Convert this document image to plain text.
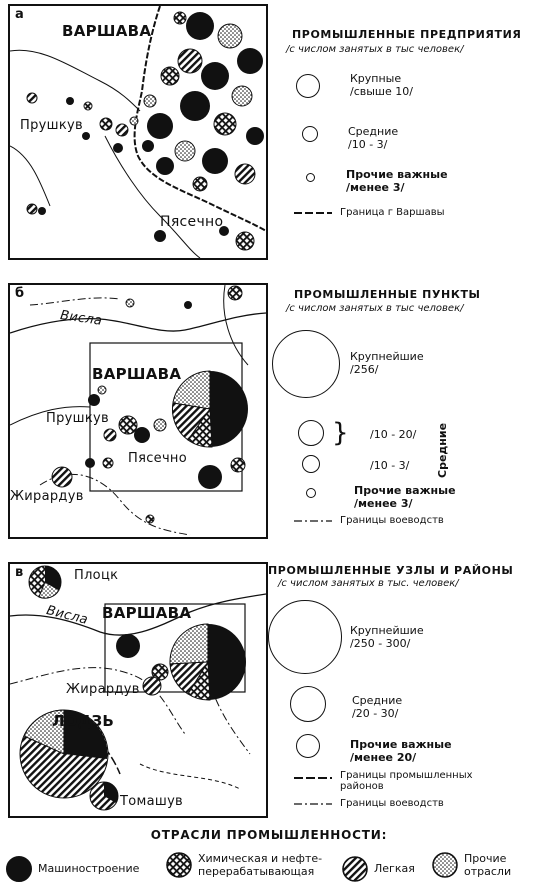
а
ВАРШАВА
Прушкув
Пясечно
ПРОМЫШЛЕННЫЕ ПРЕДПРИЯТИЯ
/с числом занятых в тыс человек/
Крупные
/свыше 10/
Средние
/10 - 3/
Прочие важные
/менее 3/
Граница г Варшавы
б
Висла
ВАРШАВА
Прушкув
Пясечно
Жирардув
ПРОМЫШЛЕННЫЕ ПУНКТЫ
/с числом занятых в тыс человек/
Крупнейшие
/256/
/10 - 20/
/10 - 3/
}	Средние
Прочие важные
/менее 3/
Границы воеводств
в	Плоцк
Висла ВАРШАВА
Жирардув
ЛОДЗЬ
Томашув
ПРОМЫШЛЕННЫЕ УЗЛЫ И РАЙОНЫ
/с числом занятых в тыс. человек/
Крупнейшие
/250 - 300/
Средние
/20 - 30/
Прочие важные
/менее 20/
Границы промышленных
районов
Границы воеводств
ОТРАСЛИ ПРОМЫШЛЕННОСТИ:
Машиностроение
Химическая и нефте-
перерабатывающая	Легкая
Прочие
отрасли
